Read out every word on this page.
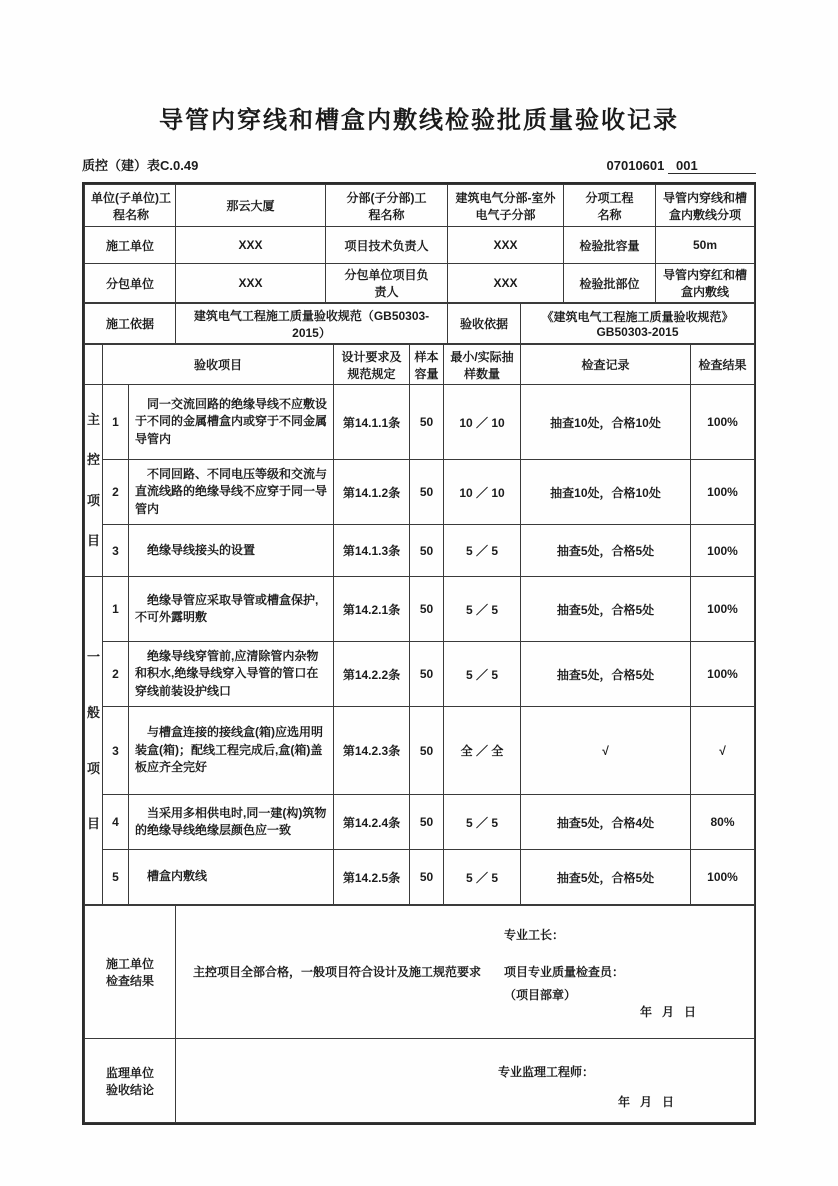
导管内穿线和槽盒内敷线检验批质量验收记录
质控（建）表C.0.49	07010601 001
单位(子单位)工程名称	那云大厦	分部(子分部)工程名称	建筑电气分部-室外电气子分部	分项工程名称	导管内穿线和槽盒内敷线分项
施工单位	XXX	项目技术负责人	XXX	检验批容量	50m
分包单位	XXX	分包单位项目负责人	XXX	检验批部位	导管内穿红和槽盒内敷线
施工依据	建筑电气工程施工质量验收规范（GB50303-2015）	验收依据	《建筑电气工程施工质量验收规范》 GB50303-2015
	验收项目		设计要求及规范规定	样本容量	最小/实际抽样数量	检查记录	检查结果

主控项目	1	同一交流回路的绝缘导线不应敷设于不同的金属槽盒内或穿于不同金属导管内	第14.1.1条	50	10 ／ 10	抽查10处，合格10处	100%
	2	不同回路、不同电压等级和交流与直流线路的绝缘导线不应穿于同一导管内	第14.1.2条	50	10 ／ 10	抽查10处，合格10处	100%
	3	绝缘导线接头的设置	第14.1.3条	50	5 ／ 5	抽查5处，合格5处	100%

一般项目	1	绝缘导管应采取导管或槽盒保护,不可外露明敷	第14.2.1条	50	5 ／ 5	抽查5处，合格5处	100%
	2	绝缘导线穿管前,应清除管内杂物和积水,绝缘导线穿入导管的管口在穿线前装设护线口	第14.2.2条	50	5 ／ 5	抽查5处，合格5处	100%
	3	与槽盒连接的接线盒(箱)应选用明装盒(箱)；配线工程完成后,盒(箱)盖板应齐全完好	第14.2.3条	50	全 ／ 全	√	√
	4	当采用多相供电时,同一建(构)筑物的绝缘导线绝缘层颜色应一致	第14.2.4条	50	5 ／ 5	抽查5处，合格4处	80%
	5	槽盒内敷线	第14.2.5条	50	5 ／ 5	抽查5处，合格5处	100%
施工单位检查结果	主控项目全部合格，一般项目符合设计及施工规范要求
专业工长：
项目专业质量检查员：
（项目部章）
年   月   日

监理单位验收结论	专业监理工程师：
年   月   日
